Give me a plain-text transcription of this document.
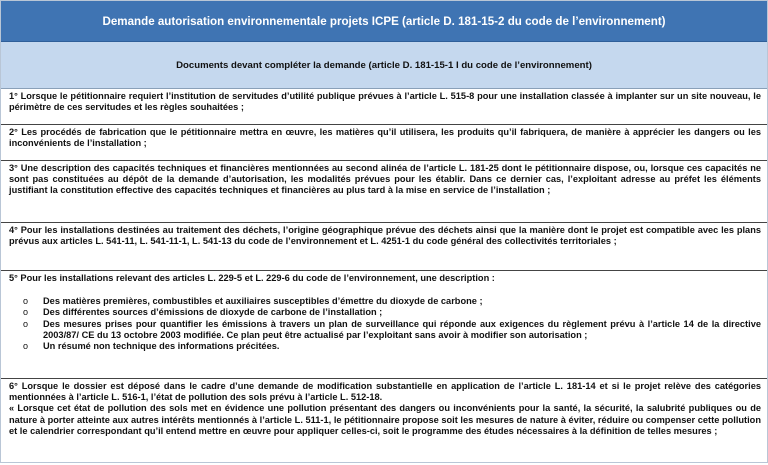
Demande autorisation environnementale projets ICPE (article D. 181-15-2 du code de l’environnement)
Documents devant compléter la demande (article D. 181-15-1 I du code de l’environnement)

1° Lorsque le pétitionnaire requiert l’institution de servitudes d’utilité publique prévues à l’article L. 515-8 pour une installation classée à implanter sur un site nouveau, le périmètre de ces servitudes et les règles souhaitées ;

2° Les procédés de fabrication que le pétitionnaire mettra en œuvre, les matières qu’il utilisera, les produits qu’il fabriquera, de manière à apprécier les dangers ou les inconvénients de l’installation ;

3° Une description des capacités techniques et financières mentionnées au second alinéa de l’article L. 181-25 dont le pétitionnaire dispose, ou, lorsque ces capacités ne sont pas constituées au dépôt de la demande d’autorisation, les modalités prévues pour les établir. Dans ce dernier cas, l’exploitant adresse au préfet les éléments justifiant la constitution effective des capacités techniques et financières au plus tard à la mise en service de l’installation ;

4° Pour les installations destinées au traitement des déchets, l’origine géographique prévue des déchets ainsi que la manière dont le projet est compatible avec les plans prévus aux articles L. 541-11, L. 541-11-1, L. 541-13 du code de l’environnement et L. 4251-1 du code général des collectivités territoriales ;

5° Pour les installations relevant des articles L. 229-5 et L. 229-6 du code de l’environnement, une description :

o Des matières premières, combustibles et auxiliaires susceptibles d’émettre du dioxyde de carbone ;
o Des différentes sources d’émissions de dioxyde de carbone de l’installation ;
o Des mesures prises pour quantifier les émissions à travers un plan de surveillance qui réponde aux exigences du règlement prévu à l’article 14 de la directive 2003/87/ CE du 13 octobre 2003 modifiée. Ce plan peut être actualisé par l’exploitant sans avoir à modifier son autorisation ;
o Un résumé non technique des informations précitées.

6° Lorsque le dossier est déposé dans le cadre d’une demande de modification substantielle en application de l’article L. 181-14 et si le projet relève des catégories mentionnées à l’article L. 516-1, l’état de pollution des sols prévu à l’article L. 512-18.

« Lorsque cet état de pollution des sols met en évidence une pollution présentant des dangers ou inconvénients pour la santé, la sécurité, la salubrité publiques ou de nature à porter atteinte aux autres intérêts mentionnés à l’article L. 511-1, le pétitionnaire propose soit les mesures de nature à éviter, réduire ou compenser cette pollution et le calendrier correspondant qu’il entend mettre en œuvre pour appliquer celles-ci, soit le programme des études nécessaires à la définition de telles mesures ;
